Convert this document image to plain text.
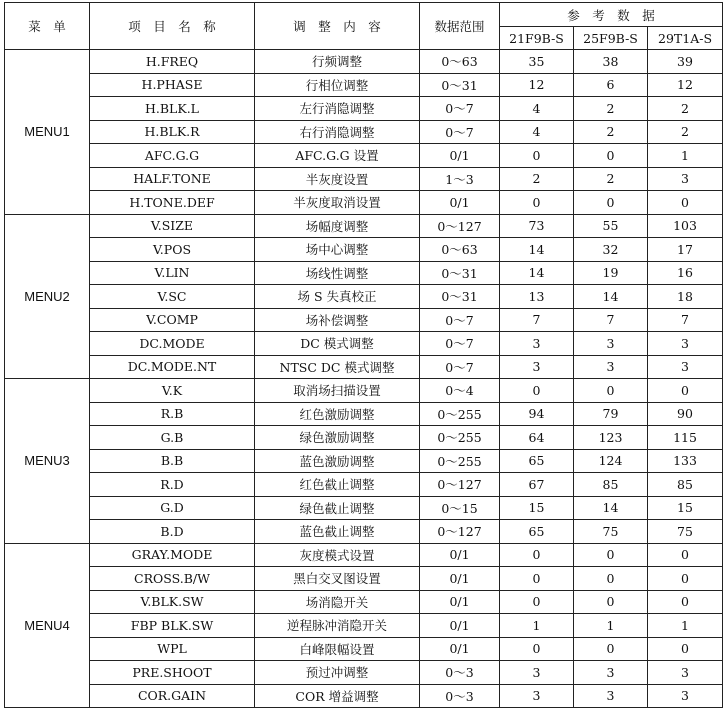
菜　单	项　目　名　称	调　整　内　容	数据范围	参　考　数　据		
				21F9B-S	25F9B-S	29T1A-S
MENU1	H.FREQ	行频调整	0～63	35	38	39
	H.PHASE	行相位调整	0～31	12	6	12
	H.BLK.L	左行消隐调整	0～7	4	2	2
	H.BLK.R	右行消隐调整	0～7	4	2	2
	AFC.G.G	AFC.G.G 设置	0/1	0	0	1
	HALF.TONE	半灰度设置	1～3	2	2	3
	H.TONE.DEF	半灰度取消设置	0/1	0	0	0
MENU2	V.SIZE	场幅度调整	0～127	73	55	103
	V.POS	场中心调整	0～63	14	32	17
	V.LIN	场线性调整	0～31	14	19	16
	V.SC	场 S 失真校正	0～31	13	14	18
	V.COMP	场补偿调整	0～7	7	7	7
	DC.MODE	DC 模式调整	0～7	3	3	3
	DC.MODE.NT	NTSC DC 模式调整	0～7	3	3	3
MENU3	V.K	取消场扫描设置	0～4	0	0	0
	R.B	红色激励调整	0～255	94	79	90
	G.B	绿色激励调整	0～255	64	123	115
	B.B	蓝色激励调整	0～255	65	124	133
	R.D	红色截止调整	0～127	67	85	85
	G.D	绿色截止调整	0～15	15	14	15
	B.D	蓝色截止调整	0～127	65	75	75
MENU4	GRAY.MODE	灰度模式设置	0/1	0	0	0
	CROSS.B/W	黑白交叉图设置	0/1	0	0	0
	V.BLK.SW	场消隐开关	0/1	0	0	0
	FBP BLK.SW	逆程脉冲消隐开关	0/1	1	1	1
	WPL	白峰限幅设置	0/1	0	0	0
	PRE.SHOOT	预过冲调整	0～3	3	3	3
	COR.GAIN	COR 增益调整	0～3	3	3	3
